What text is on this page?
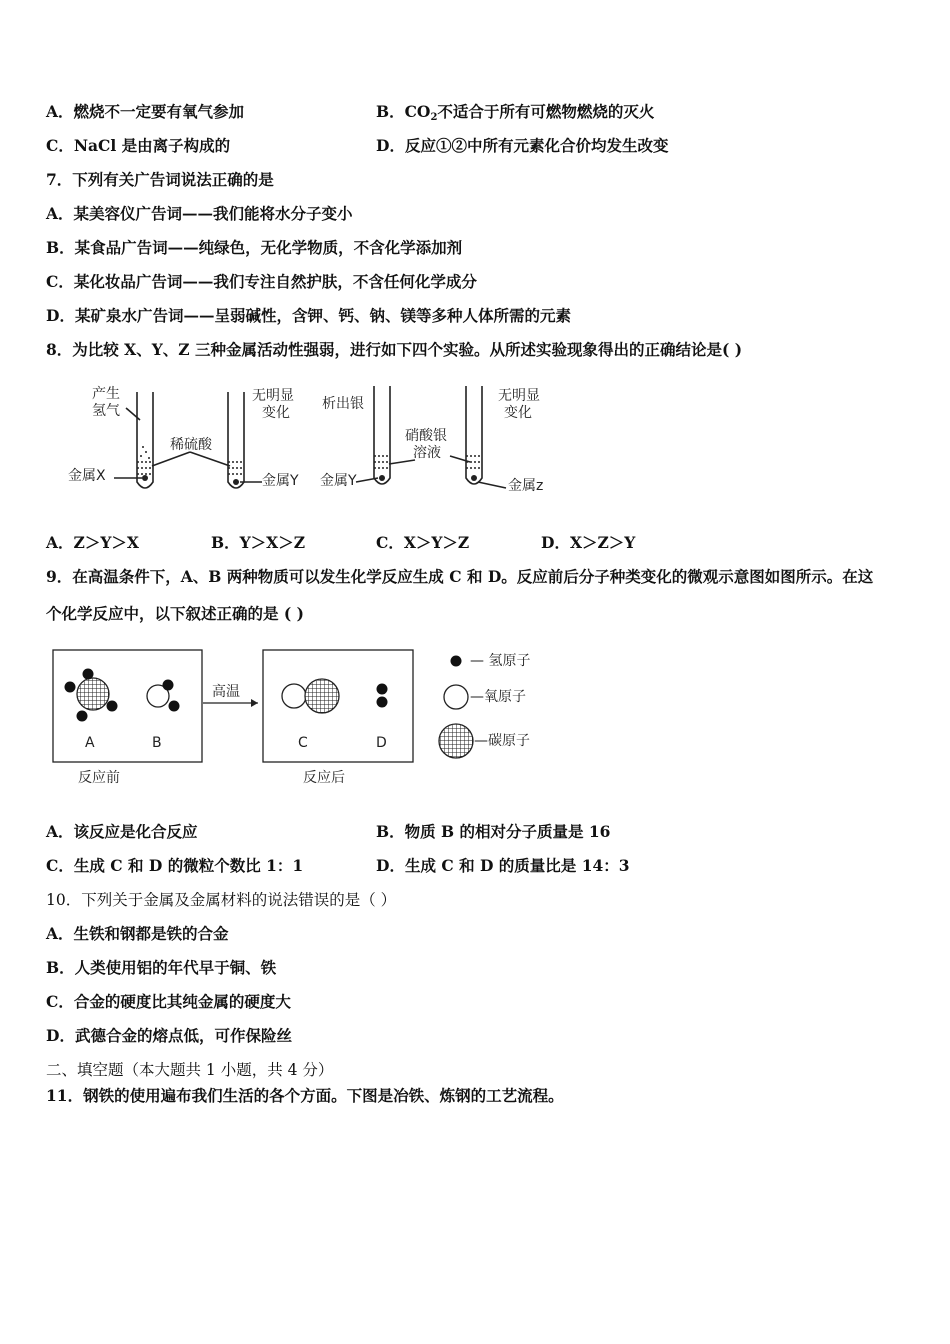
A．燃烧不一定要有氧气参加	B．$CO_2$不适合于所有可燃物燃烧的灭火
C．NaCl 是由离子构成的	D．反应①②中所有元素化合价均发生改变
7．下列有关广告词说法正确的是
A．某美容仪广告词——我们能将水分子变小
B．某食品广告词——纯绿色，无化学物质，不含化学添加剂
C．某化妆品广告词——我们专注自然护肤，不含任何化学成分
D．某矿泉水广告词——呈弱碱性，含钾、钙、钠、镁等多种人体所需的元素
8．为比较 X、Y、Z 三种金属活动性强弱，进行如下四个实验。从所述实验现象得出的正确结论是( )
产生
氢气
稀硫酸
无明显
变化
析出银
硝酸银
溶液
无明显
变化
金属X	金属Y 金属Y	金属z
A．Z＞Y＞X	B．Y＞X＞Z	C．X＞Y＞Z	D．X＞Z＞Y
9．在高温条件下，A、B 两种物质可以发生化学反应生成 C 和 D。反应前后分子种类变化的微观示意图如图所示。在这
个化学反应中，以下叙述正确的是 ( )
A	B
高温
C	D
反应前	反应后
— 氢原子
—氧原子
—碳原子
A．该反应是化合反应	B．物质 B 的相对分子质量是 16
C．生成 C 和 D 的微粒个数比 1：1	D．生成 C 和 D 的质量比是 14：3
10．下列关于金属及金属材料的说法错误的是（ ）
A．生铁和钢都是铁的合金
B．人类使用铝的年代早于铜、铁
C．合金的硬度比其纯金属的硬度大
D．武德合金的熔点低，可作保险丝
二、填空题（本大题共 1 小题，共 4 分）
11．钢铁的使用遍布我们生活的各个方面。下图是冶铁、炼钢的工艺流程。
